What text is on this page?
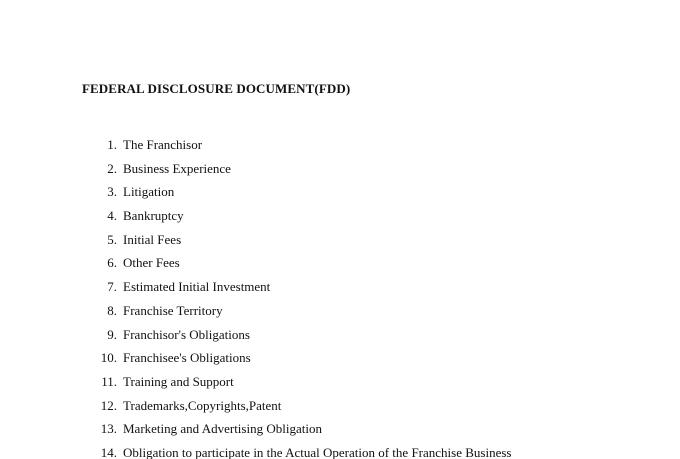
FEDERAL DISCLOSURE DOCUMENT(FDD)
1. The Franchisor
2. Business Experience
3. Litigation
4. Bankruptcy
5. Initial Fees
6. Other Fees
7. Estimated Initial Investment
8. Franchise Territory
9. Franchisor's Obligations
10. Franchisee's Obligations
11. Training and Support
12. Trademarks,Copyrights,Patent
13. Marketing and Advertising Obligation
14. Obligation to participate in the Actual Operation of the Franchise Business
